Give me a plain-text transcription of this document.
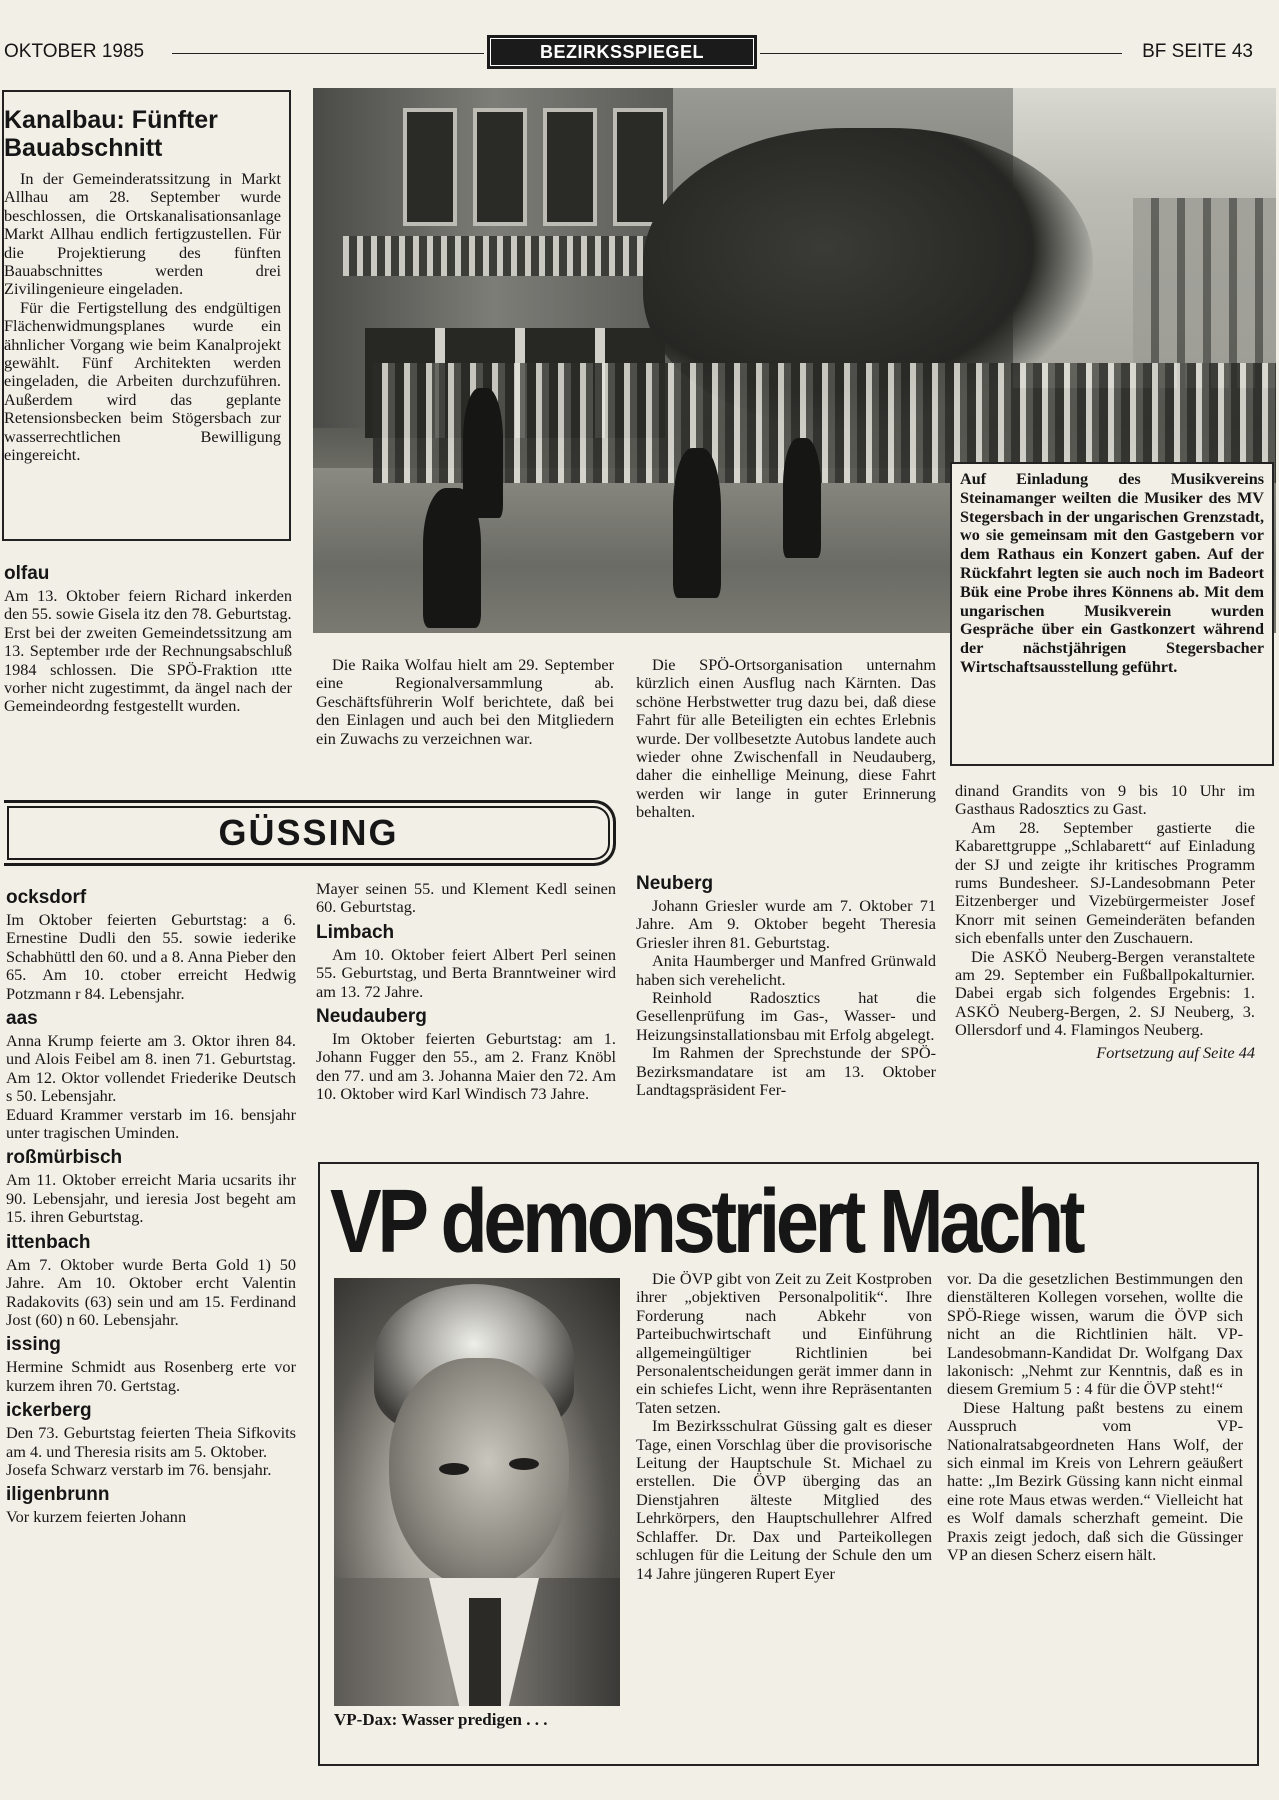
OKTOBER 1985	BEZIRKSSPIEGEL	BF SEITE 43
Kanalbau: Fünfter
Bauabschnitt

In der Gemeinderatssitzung in Markt Allhau am 28. September wurde beschlossen, die Ortskanalisationsanlage Markt Allhau endlich fertigzustellen. Für die Projektierung des fünften Bauabschnittes werden drei Zivilingenieure eingeladen.

Für die Fertigstellung des endgültigen Flächenwidmungsplanes wurde ein ähnlicher Vorgang wie beim Kanalprojekt gewählt. Fünf Architekten werden eingeladen, die Arbeiten durchzuführen. Außerdem wird das geplante Retensionsbecken beim Stögersbach zur wasserrechtlichen Bewilligung eingereicht.

olfau

Am 13. Oktober feiern Richard inkerden den 55. sowie Gisela itz den 78. Geburtstag.

Erst bei der zweiten Gemeindetssitzung am 13. September ırde der Rechnungsabschluß 1984 schlossen. Die SPÖ-Fraktion ıtte vorher nicht zugestimmt, da ängel nach der Gemeindeordng festgestellt wurden.

Auf Einladung des Musikvereins Steinamanger weilten die Musiker des MV Stegersbach in der ungarischen Grenzstadt, wo sie gemeinsam mit den Gastgebern vor dem Rathaus ein Konzert gaben. Auf der Rückfahrt legten sie auch noch im Badeort Bük eine Probe ihres Könnens ab. Mit dem ungarischen Musikverein wurden Gespräche über ein Gastkonzert während der nächstjährigen Stegersbacher Wirtschaftsausstellung geführt.

Die Raika Wolfau hielt am 29. September eine Regionalversammlung ab. Geschäftsführerin Wolf berichtete, daß bei den Einlagen und auch bei den Mitgliedern ein Zuwachs zu verzeichnen war.

Die SPÖ-Ortsorganisation unternahm kürzlich einen Ausflug nach Kärnten. Das schöne Herbstwetter trug dazu bei, daß diese Fahrt für alle Beteiligten ein echtes Erlebnis wurde. Der vollbesetzte Autobus landete auch wieder ohne Zwischenfall in Neudauberg, daher die einhellige Meinung, diese Fahrt werden wir lange in guter Erinnerung behalten.

GÜSSING
ocksdorf

Im Oktober feierten Geburtstag: a 6. Ernestine Dudli den 55. sowie iederike Schabhüttl den 60. und a 8. Anna Pieber den 65. Am 10. ctober erreicht Hedwig Potzmann r 84. Lebensjahr.

aas

Anna Krump feierte am 3. Oktor ihren 84. und Alois Feibel am 8. inen 71. Geburtstag. Am 12. Oktor vollendet Friederike Deutsch s 50. Lebensjahr.

Eduard Krammer verstarb im 16. bensjahr unter tragischen Uminden.

roßmürbisch

Am 11. Oktober erreicht Maria ucsarits ihr 90. Lebensjahr, und ieresia Jost begeht am 15. ihren Geburtstag.

ittenbach

Am 7. Oktober wurde Berta Gold 1) 50 Jahre. Am 10. Oktober ercht Valentin Radakovits (63) sein und am 15. Ferdinand Jost (60) n 60. Lebensjahr.

issing

Hermine Schmidt aus Rosenberg erte vor kurzem ihren 70. Gertstag.

ickerberg

Den 73. Geburtstag feierten Theia Sifkovits am 4. und Theresia risits am 5. Oktober.

Josefa Schwarz verstarb im 76. bensjahr.

iligenbrunn

Vor kurzem feierten Johann

Mayer seinen 55. und Klement Kedl seinen 60. Geburtstag.

Limbach

Am 10. Oktober feiert Albert Perl seinen 55. Geburtstag, und Berta Branntweiner wird am 13. 72 Jahre.

Neudauberg

Im Oktober feierten Geburtstag: am 1. Johann Fugger den 55., am 2. Franz Knöbl den 77. und am 3. Johanna Maier den 72. Am 10. Oktober wird Karl Windisch 73 Jahre.

Neuberg

Johann Griesler wurde am 7. Oktober 71 Jahre. Am 9. Oktober begeht Theresia Griesler ihren 81. Geburtstag.

Anita Haumberger und Manfred Grünwald haben sich verehelicht.

Reinhold Radosztics hat die Gesellenprüfung im Gas-, Wasser- und Heizungsinstallationsbau mit Erfolg abgelegt.

Im Rahmen der Sprechstunde der SPÖ-Bezirksmandatare ist am 13. Oktober Landtagspräsident Fer-

dinand Grandits von 9 bis 10 Uhr im Gasthaus Radosztics zu Gast.

Am 28. September gastierte die Kabarettgruppe „Schlabarett“ auf Einladung der SJ und zeigte ihr kritisches Programm rums Bundesheer. SJ-Landesobmann Peter Eitzenberger und Vizebürgermeister Josef Knorr mit seinen Gemeinderäten befanden sich ebenfalls unter den Zuschauern.

Die ASKÖ Neuberg-Bergen veranstaltete am 29. September ein Fußballpokalturnier. Dabei ergab sich folgendes Ergebnis: 1. ASKÖ Neuberg-Bergen, 2. SJ Neuberg, 3. Ollersdorf und 4. Flamingos Neuberg.

Fortsetzung auf Seite 44

VP demonstriert Macht
VP-Dax: Wasser predigen . . .

Die ÖVP gibt von Zeit zu Zeit Kostproben ihrer „objektiven Personalpolitik“. Ihre Forderung nach Abkehr von Parteibuchwirtschaft und Einführung allgemeingültiger Richtlinien bei Personalentscheidungen gerät immer dann in ein schiefes Licht, wenn ihre Repräsentanten Taten setzen.

Im Bezirksschulrat Güssing galt es dieser Tage, einen Vorschlag über die provisorische Leitung der Hauptschule St. Michael zu erstellen. Die ÖVP überging das an Dienstjahren älteste Mitglied des Lehrkörpers, den Hauptschullehrer Alfred Schlaffer. Dr. Dax und Parteikollegen schlugen für die Leitung der Schule den um 14 Jahre jüngeren Rupert Eyer

vor. Da die gesetzlichen Bestimmungen den dienstälteren Kollegen vorsehen, wollte die SPÖ-Riege wissen, warum die ÖVP sich nicht an die Richtlinien hält. VP-Landesobmann-Kandidat Dr. Wolfgang Dax lakonisch: „Nehmt zur Kenntnis, daß es in diesem Gremium 5 : 4 für die ÖVP steht!“

Diese Haltung paßt bestens zu einem Ausspruch vom VP-Nationalratsabgeordneten Hans Wolf, der sich einmal im Kreis von Lehrern geäußert hatte: „Im Bezirk Güssing kann nicht einmal eine rote Maus etwas werden.“ Vielleicht hat es Wolf damals scherzhaft gemeint. Die Praxis zeigt jedoch, daß sich die Güssinger VP an diesen Scherz eisern hält.
